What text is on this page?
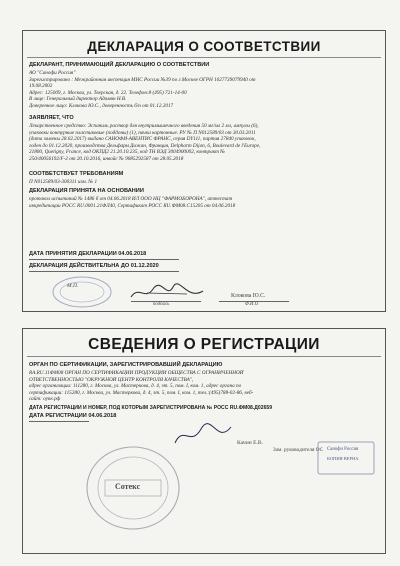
ДЕКЛАРАЦИЯ О СООТВЕТСТВИИ
ДЕКЛАРАНТ, ПРИНИМАЮЩИЙ ДЕКЛАРАЦИЮ О СООТВЕТСТВИИ
АО "Санофи Россия"
Зарегистрировано : Межрайонная инспекция МНС России №39 по г.Москве ОГРН 1027739079940 от
19.08.2002
Адрес: 125009, г. Москва, ул. Тверская, д. 22. Телефон:8 (495) 721-14-00
В лице: Генеральный директор Адамян Н.В.
Доверенное лицо: Клокова Ю.С., доверенность б/н от 01.12.2017
ЗАЯВЛЯЕТ, ЧТО
Лекарственное средство: Эспаниль раствор для внутримышечного введения 50 мг/мл 2 мл, ампулы (6),
упаковки контурные пластиковые (поддоны) (1), пачки картонные. РУ № П N012589/03 от 30.03.2011
(дата замены 28.02.2017) выдано САНОФИ-АВЕНТИС ФРАНС, серия DY111, партия 27840 упаковок,
годен до 01.12.2020, производства Дельфарм Дижан, Франция, Delpharm Dijon, 6, Boulevard de l'Europe,
21800, Quetigny, France, код ОКПД2 21.20.10.235, код ТН ВЭД 3004900002, контракт №
250/40056192/F-2 от 20.10.2016, инвойс № 9085292587 от 28.05.2018
СООТВЕТСТВУЕТ ТРЕБОВАНИЯМ
П N012589/03-300311 изм. № 1
ДЕКЛАРАЦИЯ ПРИНЯТА НА ОСНОВАНИИ
протокол испытаний № 1486 б от 04.06.2018 ИЛ ООО НЦ "ФАРМОБОРОНА", аттестат
аккредитации РОСС RU.0001.21ФЛ40, Сертификат РОСС RU.ФМ08.С15205 от 04.06.2018
ДАТА ПРИНЯТИЯ ДЕКЛАРАЦИИ 04.06.2018
ДЕКЛАРАЦИЯ ДЕЙСТВИТЕЛЬНА ДО 01.12.2020
М.П.
подпись
Клокова Ю.С.
Ф.И.О
СВЕДЕНИЯ О РЕГИСТРАЦИИ
ОРГАН ПО СЕРТИФИКАЦИИ, ЗАРЕГИСТРИРОВАВШИЙ ДЕКЛАРАЦИЮ
RA.RU.11ФМ08 ОРГАН ПО СЕРТИФИКАЦИИ ПРОДУКЦИИ ОБЩЕСТВА С ОГРАНИЧЕННОЙ
ОТВЕТСТВЕННОСТЬЮ "ОКРУЖНОЙ ЦЕНТР КОНТРОЛЯ КАЧЕСТВА",
адрес организации: 111280, г. Москва, ул. Мастеркова, д. 4, эт. 5, пом. I, ком. 1, адрес органа по
сертификации: 115280, г. Москва, ул. Мастеркова, д. 4, эт. 5, пом. I, ком. 1, тел.:(495)788-02-86, веб-
сайт: оукк.рф
ДАТА РЕГИСТРАЦИИ И НОМЕР, ПОД КОТОРЫМ ЗАРЕГИСТРИРОВАНА № РОСС RU.ФМ08.Д02659
ДАТА РЕГИСТРАЦИИ 04.06.2018
Качин Е.В.
Зам. руководителя ОС
Сотекс
Санофи Россия
КОПИЯ ВЕРНА
